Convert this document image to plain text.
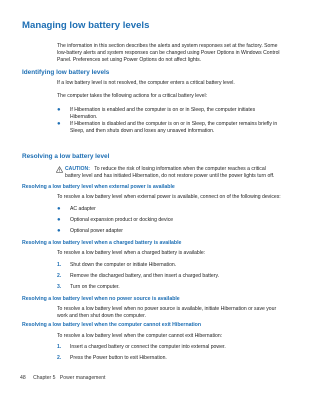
Managing low battery levels

The information in this section describes the alerts and system responses set at the factory. Some low-battery alerts and system responses can be changed using Power Options in Windows Control Panel. Preferences set using Power Options do not affect lights.

Identifying low battery levels

If a low battery level is not resolved, the computer enters a critical battery level.

The computer takes the following actions for a critical battery level:

● If Hibernation is enabled and the computer is on or in Sleep, the computer initiates Hibernation.
● If Hibernation is disabled and the computer is on or in Sleep, the computer remains briefly in Sleep, and then shuts down and loses any unsaved information.
Resolving a low battery level
CAUTION: To reduce the risk of losing information when the computer reaches a critical battery level and has initiated Hibernation, do not restore power until the power lights turn off.
Resolving a low battery level when external power is available

To resolve a low battery level when external power is available, connect on of the following devices:

● AC adapter
● Optional expansion product or docking device
● Optional power adapter
Resolving a low battery level when a charged battery is available

To resolve a low battery level when a charged battery is available:

1. Shut down the computer or initiate Hibernation.
2. Remove the discharged battery, and then insert a charged battery.
3. Turn on the computer.
Resolving a low battery level when no power source is available

To resolve a low battery level when no power source is available, initiate Hibernation or save your work and then shut down the computer.

Resolving a low battery level when the computer cannot exit Hibernation

To resolve a low battery level when the computer cannot exit Hibernation:

1. Insert a charged battery or connect the computer into external power.
2. Press the Power button to exit Hibernation.
48 Chapter 5 Power management
